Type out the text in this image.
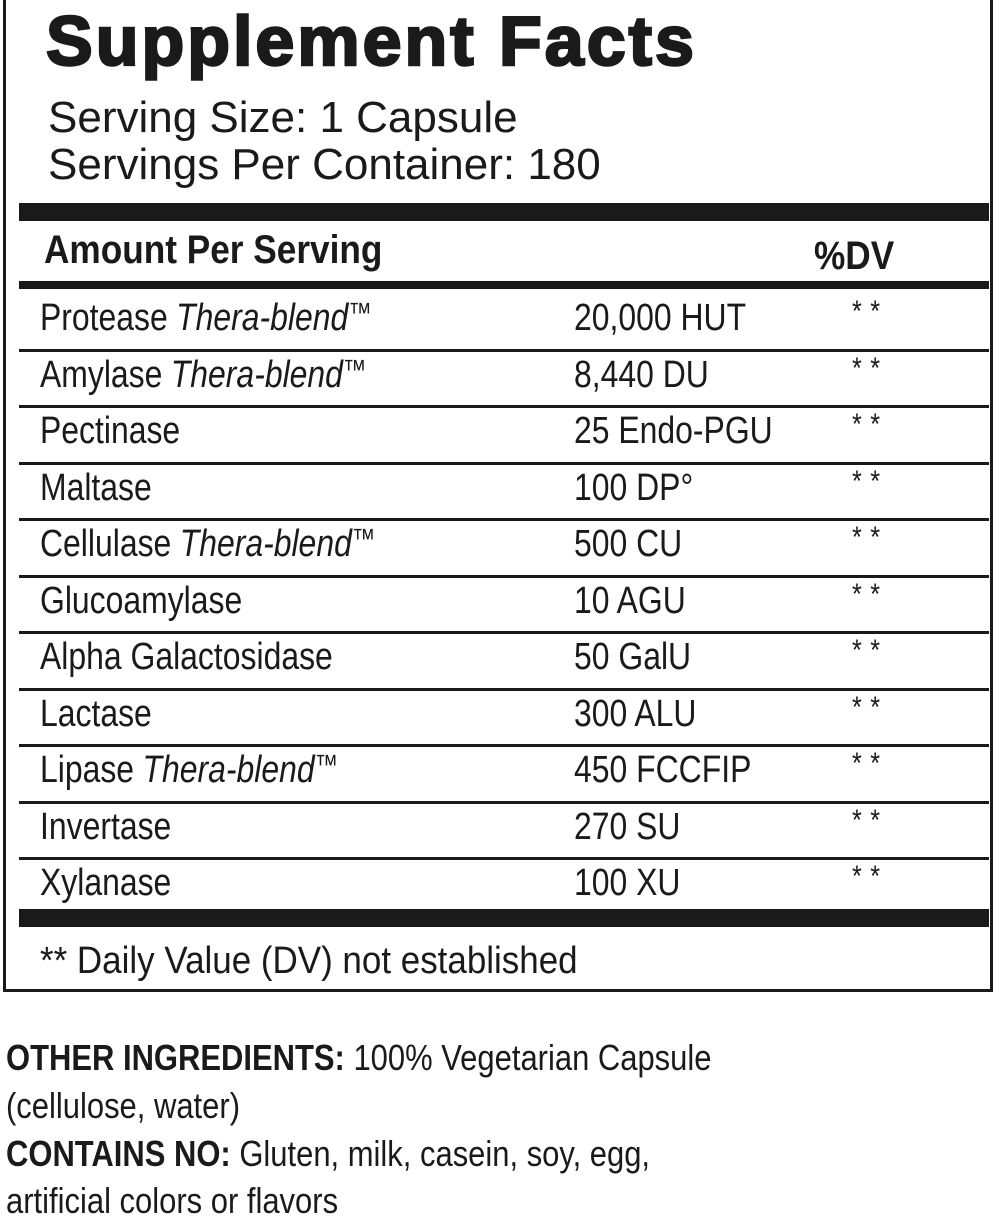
Supplement Facts
Serving Size: 1 Capsule
Servings Per Container: 180
Amount Per Serving	%DV
Protease Thera-blend™	20,000 HUT	**
Amylase Thera-blend™	8,440 DU	**
Pectinase	25 Endo-PGU	**
Maltase	100 DP°	**
Cellulase Thera-blend™	500 CU	**
Glucoamylase	10 AGU	**
Alpha Galactosidase	50 GalU	**
Lactase	300 ALU	**
Lipase Thera-blend™	450 FCCFIP	**
Invertase	270 SU	**
Xylanase	100 XU	**
** Daily Value (DV) not established
OTHER INGREDIENTS: 100% Vegetarian Capsule
(cellulose, water)
CONTAINS NO: Gluten, milk, casein, soy, egg,
artificial colors or flavors
